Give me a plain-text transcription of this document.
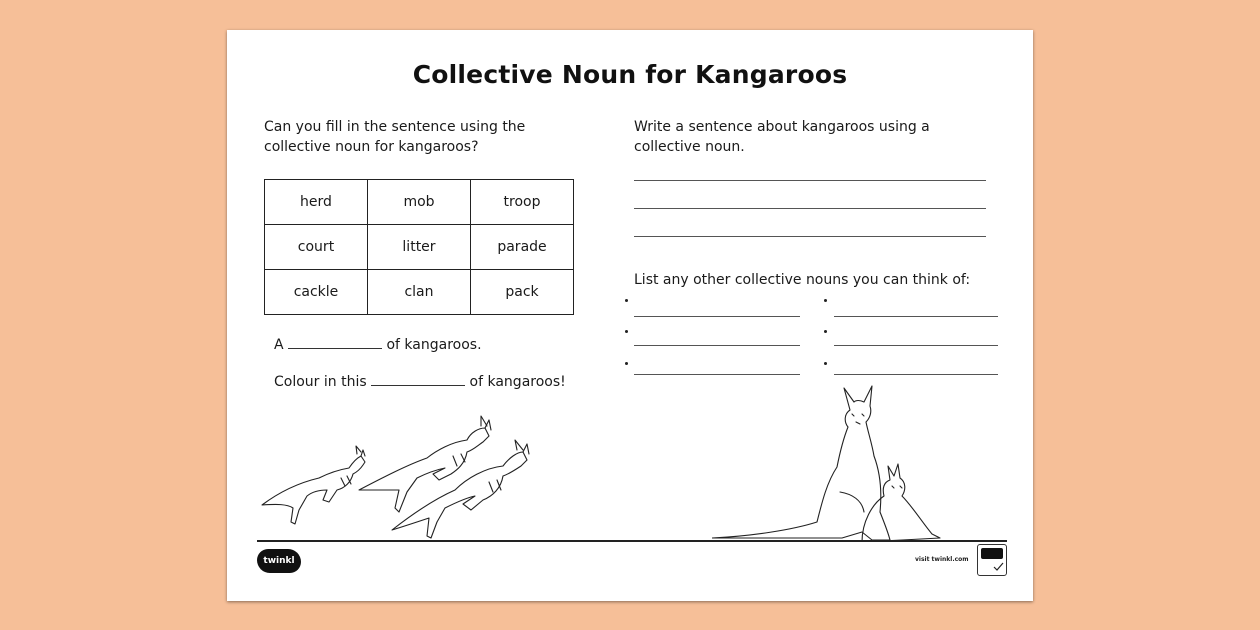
Collective Noun for Kangaroos
Can you fill in the sentence using the collective noun for kangaroos?
herd	mob	troop
court	litter	parade
cackle	clan	pack
A	of kangaroos.
Colour in this	of kangaroos!
Write a sentence about kangaroos using a collective noun.
List any other collective nouns you can think of:
twinkl	visit twinkl.com
